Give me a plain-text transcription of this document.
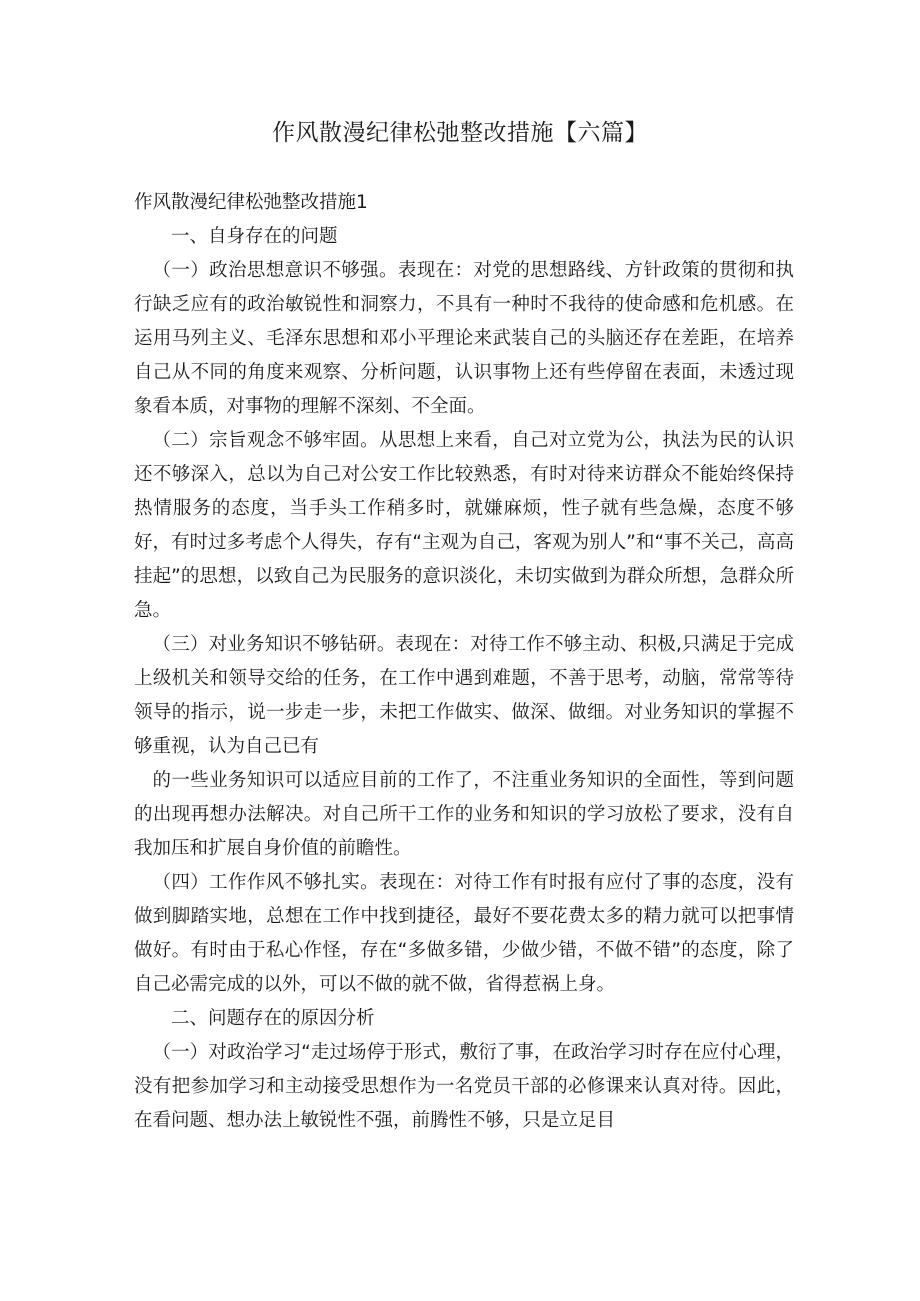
作风散漫纪律松弛整改措施【六篇】

作风散漫纪律松弛整改措施1

一、自身存在的问题

（一）政治思想意识不够强。表现在：对党的思想路线、方针政策的贯彻和执行缺乏应有的政治敏锐性和洞察力，不具有一种时不我待的使命感和危机感。在运用马列主义、毛泽东思想和邓小平理论来武装自己的头脑还存在差距，在培养自己从不同的角度来观察、分析问题，认识事物上还有些停留在表面，未透过现象看本质，对事物的理解不深刻、不全面。

（二）宗旨观念不够牢固。从思想上来看，自己对立党为公，执法为民的认识还不够深入，总以为自己对公安工作比较熟悉，有时对待来访群众不能始终保持热情服务的态度，当手头工作稍多时，就嫌麻烦，性子就有些急燥，态度不够好，有时过多考虑个人得失，存有“主观为自己，客观为别人”和“事不关己，高高挂起”的思想，以致自己为民服务的意识淡化，未切实做到为群众所想，急群众所急。

（三）对业务知识不够钻研。表现在：对待工作不够主动、积极,只满足于完成上级机关和领导交给的任务，在工作中遇到难题，不善于思考，动脑，常常等待领导的指示，说一步走一步，未把工作做实、做深、做细。对业务知识的掌握不够重视，认为自己已有

的一些业务知识可以适应目前的工作了，不注重业务知识的全面性，等到问题的出现再想办法解决。对自己所干工作的业务和知识的学习放松了要求，没有自我加压和扩展自身价值的前瞻性。

（四）工作作风不够扎实。表现在：对待工作有时报有应付了事的态度，没有做到脚踏实地，总想在工作中找到捷径，最好不要花费太多的精力就可以把事情做好。有时由于私心作怪，存在“多做多错，少做少错，不做不错”的态度，除了自己必需完成的以外，可以不做的就不做，省得惹祸上身。

二、问题存在的原因分析

（一）对政治学习“走过场停于形式，敷衍了事，在政治学习时存在应付心理，没有把参加学习和主动接受思想作为一名党员干部的必修课来认真对待。因此，在看问题、想办法上敏锐性不强，前腾性不够，只是立足目
